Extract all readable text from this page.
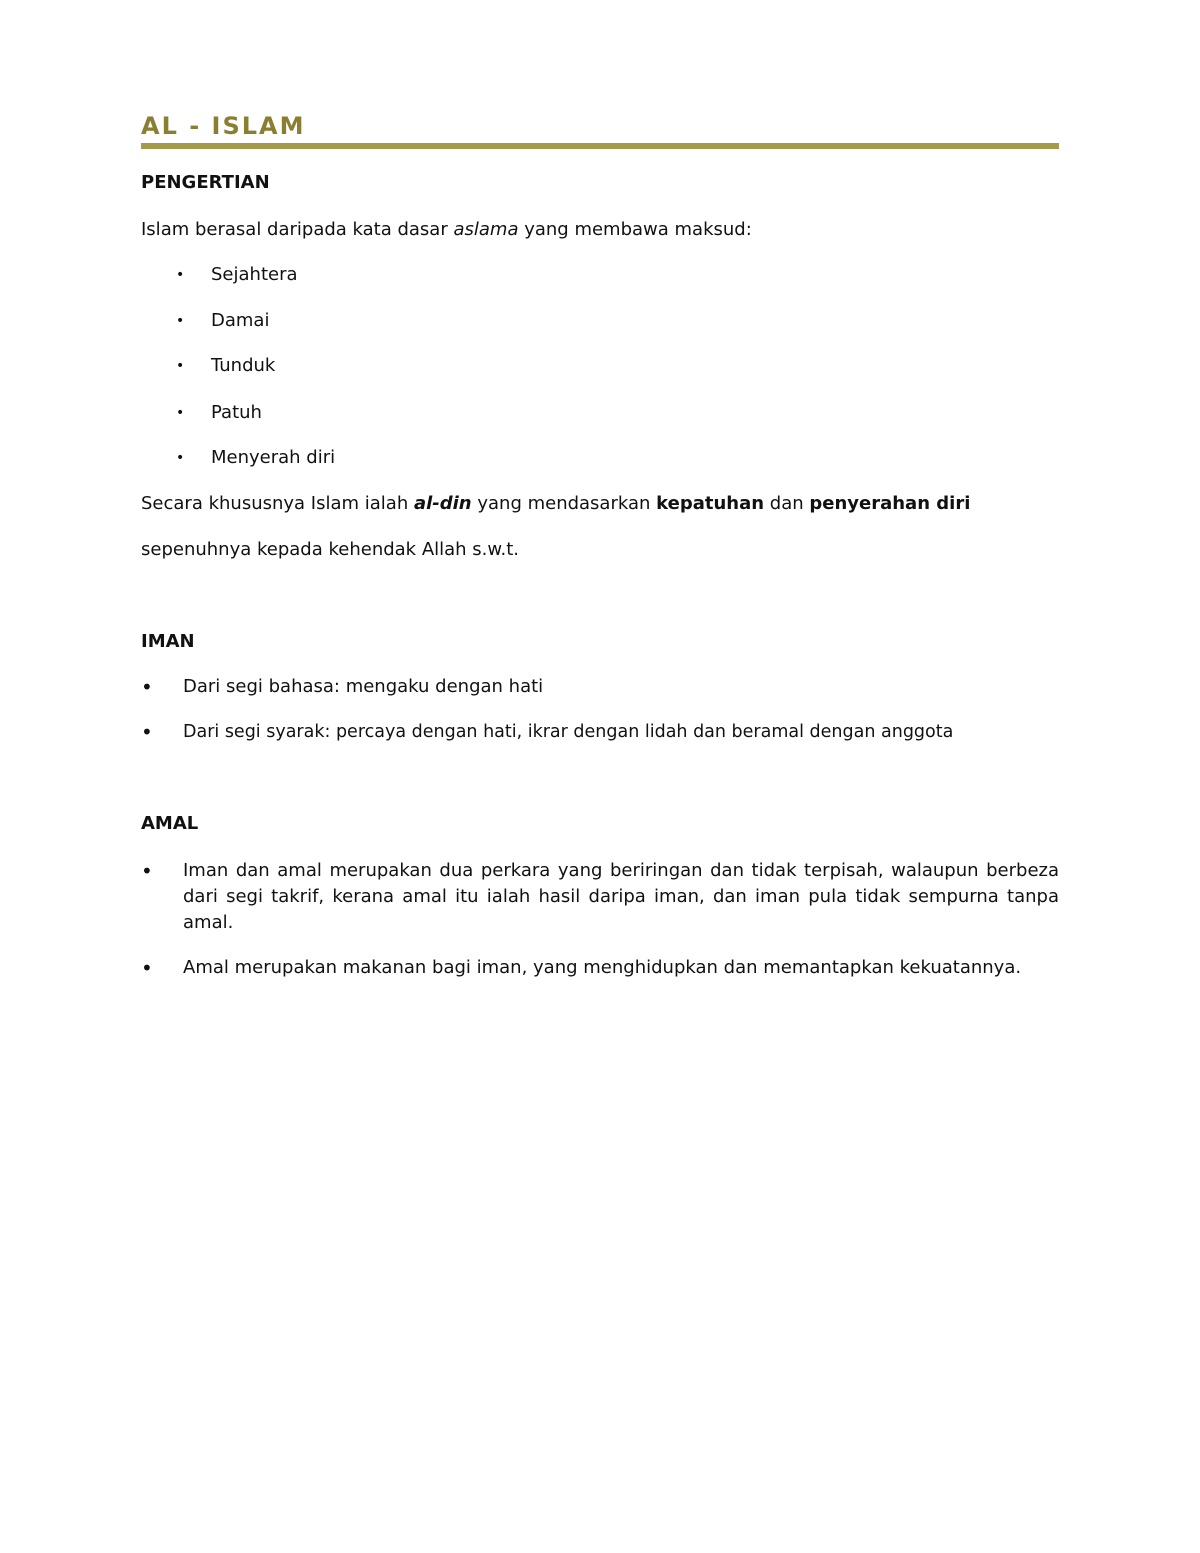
AL - ISLAM
PENGERTIAN

Islam berasal daripada kata dasar aslama yang membawa maksud:

• Sejahtera
• Damai
• Tunduk
• Patuh
• Menyerah diri

Secara khususnya Islam ialah al-din yang mendasarkan kepatuhan dan penyerahan diri

sepenuhnya kepada kehendak Allah s.w.t.

IMAN
• Dari segi bahasa: mengaku dengan hati
• Dari segi syarak: percaya dengan hati, ikrar dengan lidah dan beramal dengan anggota
AMAL
• Iman dan amal merupakan dua perkara yang beriringan dan tidak terpisah, walaupun berbeza dari segi takrif, kerana amal itu ialah hasil daripa iman, dan iman pula tidak sempurna tanpa amal.
• Amal merupakan makanan bagi iman, yang menghidupkan dan memantapkan kekuatannya.
